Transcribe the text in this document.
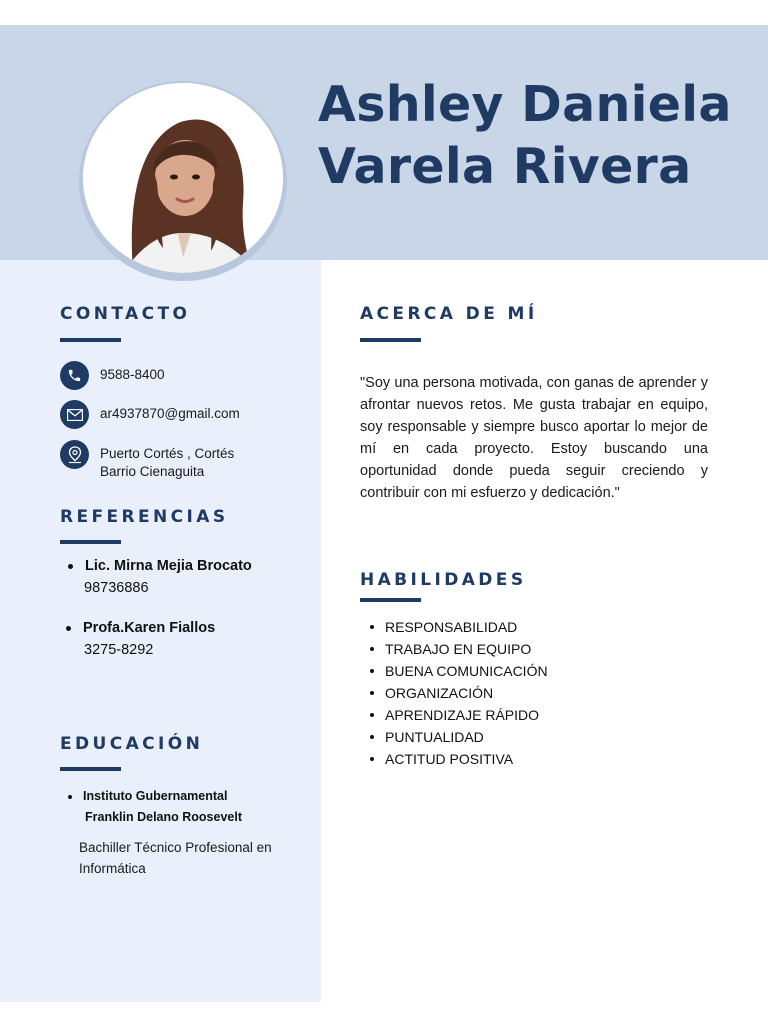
Ashley Daniela
Varela Rivera
CONTACTO
9588-8400
ar4937870@gmail.com
Puerto Cortés , Cortés
Barrio Cienaguita
REFERENCIAS
Lic. Mirna Mejia Brocato
98736886
Profa.Karen Fiallos
3275-8292
EDUCACIÓN
Instituto Gubernamental
Franklin Delano Roosevelt
Bachiller Técnico Profesional en Informática
ACERCA DE MÍ

"Soy una persona motivada, con ganas de aprender y afrontar nuevos retos. Me gusta trabajar en equipo, soy responsable y siempre busco aportar lo mejor de mí en cada proyecto. Estoy buscando una oportunidad donde pueda seguir creciendo y contribuir con mi esfuerzo y dedicación."

HABILIDADES
RESPONSABILIDAD
TRABAJO EN EQUIPO
BUENA COMUNICACIÓN
ORGANIZACIÓN
APRENDIZAJE RÁPIDO
PUNTUALIDAD
ACTITUD POSITIVA
